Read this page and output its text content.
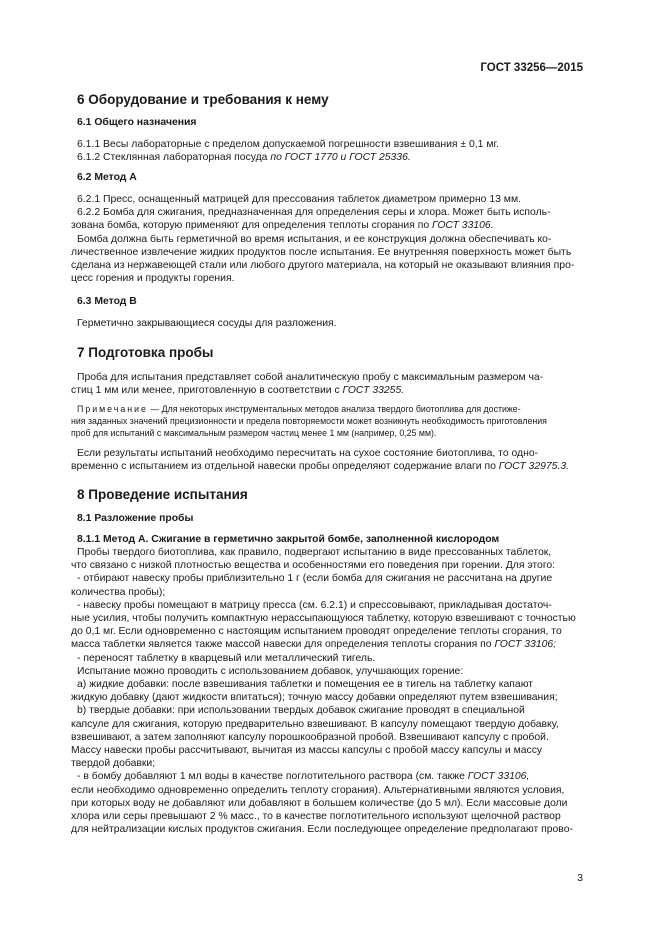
ГОСТ 33256—2015

6 Оборудование и требования к нему

6.1 Общего назначения

6.1.1 Весы лабораторные с пределом допускаемой погрешности взвешивания ± 0,1 мг.

6.1.2 Стеклянная лабораторная посуда по ГОСТ 1770 и ГОСТ 25336.

6.2 Метод А

6.2.1 Пресс, оснащенный матрицей для прессования таблеток диаметром примерно 13 мм.

6.2.2 Бомба для сжигания, предназначенная для определения серы и хлора. Может быть исполь-

зована бомба, которую применяют для определения теплоты сгорания по ГОСТ 33106.

Бомба должна быть герметичной во время испытания, и ее конструкция должна обеспечивать ко-

личественное извлечение жидких продуктов после испытания. Ее внутренняя поверхность может быть

сделана из нержавеющей стали или любого другого материала, на который не оказывают влияния про-

цесс горения и продукты горения.

6.3 Метод В

Герметично закрывающиеся сосуды для разложения.

7 Подготовка пробы

Проба для испытания представляет собой аналитическую пробу с максимальным размером ча-

стиц 1 мм или менее, приготовленную в соответствии с ГОСТ 33255.

Примечание — Для некоторых инструментальных методов анализа твердого биотоплива для достиже-

ния заданных значений прецизионности и предела повторяемости может возникнуть необходимость приготовления

проб для испытаний с максимальным размером частиц менее 1 мм (например, 0,25 мм).

Если результаты испытаний необходимо пересчитать на сухое состояние биотоплива, то одно-

временно с испытанием из отдельной навески пробы определяют содержание влаги по ГОСТ 32975.3.

8 Проведение испытания

8.1 Разложение пробы

8.1.1 Метод А. Сжигание в герметично закрытой бомбе, заполненной кислородом

Пробы твердого биотоплива, как правило, подвергают испытанию в виде прессованных таблеток,

что связано с низкой плотностью вещества и особенностями его поведения при горении. Для этого:

- отбирают навеску пробы приблизительно 1 г (если бомба для сжигания не рассчитана на другие

количества пробы);

- навеску пробы помещают в матрицу пресса (см. 6.2.1) и спрессовывают, прикладывая достаточ-

ные усилия, чтобы получить компактную нерассыпающуюся таблетку, которую взвешивают с точностью

до 0,1 мг. Если одновременно с настоящим испытанием проводят определение теплоты сгорания, то

масса таблетки является также массой навески для определения теплоты сгорания по ГОСТ 33106;

- переносят таблетку в кварцевый или металлический тигель.

Испытание можно проводить с использованием добавок, улучшающих горение:

а) жидкие добавки: после взвешивания таблетки и помещения ее в тигель на таблетку капают

жидкую добавку (дают жидкости впитаться); точную массу добавки определяют путем взвешивания;

b) твердые добавки: при использовании твердых добавок сжигание проводят в специальной

капсуле для сжигания, которую предварительно взвешивают. В капсулу помещают твердую добавку,

взвешивают, а затем заполняют капсулу порошкообразной пробой. Взвешивают капсулу с пробой.

Массу навески пробы рассчитывают, вычитая из массы капсулы с пробой массу капсулы и массу

твердой добавки;

- в бомбу добавляют 1 мл воды в качестве поглотительного раствора (см. также ГОСТ 33106,

если необходимо одновременно определить теплоту сгорания). Альтернативными являются условия,

при которых воду не добавляют или добавляют в большем количестве (до 5 мл). Если массовые доли

хлора или серы превышают 2 % масс., то в качестве поглотительного используют щелочной раствор

для нейтрализации кислых продуктов сжигания. Если последующее определение предполагают прово-

3
